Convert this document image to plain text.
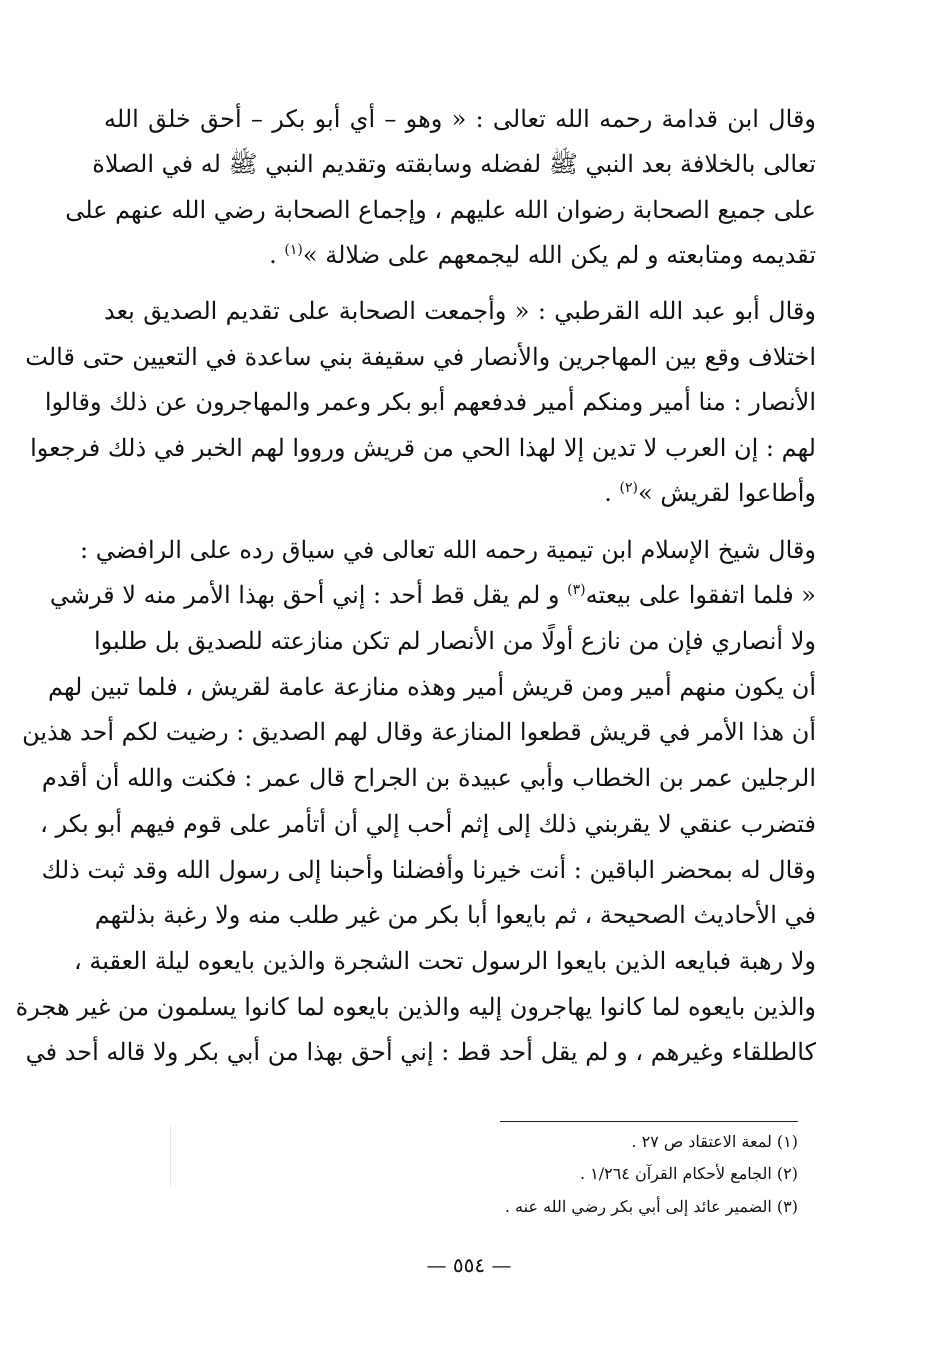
وقال ابن قدامة رحمه الله تعالى : « وهو – أي أبو بكر – أحق خلق الله
تعالى بالخلافة بعد النبي ﷺ لفضله وسابقته وتقديم النبي ﷺ له في الصلاة
على جميع الصحابة رضوان الله عليهم ، وإجماع الصحابة رضي الله عنهم على
تقديمه ومتابعته و لم يكن الله ليجمعهم على ضلالة »$^{(١)}$ .
وقال أبو عبد الله القرطبي : « وأجمعت الصحابة على تقديم الصديق بعد
اختلاف وقع بين المهاجرين والأنصار في سقيفة بني ساعدة في التعيين حتى قالت
الأنصار : منا أمير ومنكم أمير فدفعهم أبو بكر وعمر والمهاجرون عن ذلك وقالوا
لهم : إن العرب لا تدين إلا لهذا الحي من قريش ورووا لهم الخبر في ذلك فرجعوا
وأطاعوا لقريش »$^{(٢)}$ .
وقال شيخ الإسلام ابن تيمية رحمه الله تعالى في سياق رده على الرافضي :
« فلما اتفقوا على بيعته$^{(٣)}$ و لم يقل قط أحد : إني أحق بهذا الأمر منه لا قرشي
ولا أنصاري فإن من نازع أولًا من الأنصار لم تكن منازعته للصديق بل طلبوا
أن يكون منهم أمير ومن قريش أمير وهذه منازعة عامة لقريش ، فلما تبين لهم
أن هذا الأمر في قريش قطعوا المنازعة وقال لهم الصديق : رضيت لكم أحد هذين
الرجلين عمر بن الخطاب وأبي عبيدة بن الجراح قال عمر : فكنت والله أن أقدم
فتضرب عنقي لا يقربني ذلك إلى إثم أحب إلي أن أتأمر على قوم فيهم أبو بكر ،
وقال له بمحضر الباقين : أنت خيرنا وأفضلنا وأحبنا إلى رسول الله وقد ثبت ذلك
في الأحاديث الصحيحة ، ثم بايعوا أبا بكر من غير طلب منه ولا رغبة بذلتهم
ولا رهبة فبايعه الذين بايعوا الرسول تحت الشجرة والذين بايعوه ليلة العقبة ،
والذين بايعوه لما كانوا يهاجرون إليه والذين بايعوه لما كانوا يسلمون من غير هجرة
كالطلقاء وغيرهم ، و لم يقل أحد قط : إني أحق بهذا من أبي بكر ولا قاله أحد في
(١) لمعة الاعتقاد ص ٢٧ .
(٢) الجامع لأحكام القرآن ١/٢٦٤ .
(٣) الضمير عائد إلى أبي بكر رضي الله عنه .
— ٥٥٤ —
